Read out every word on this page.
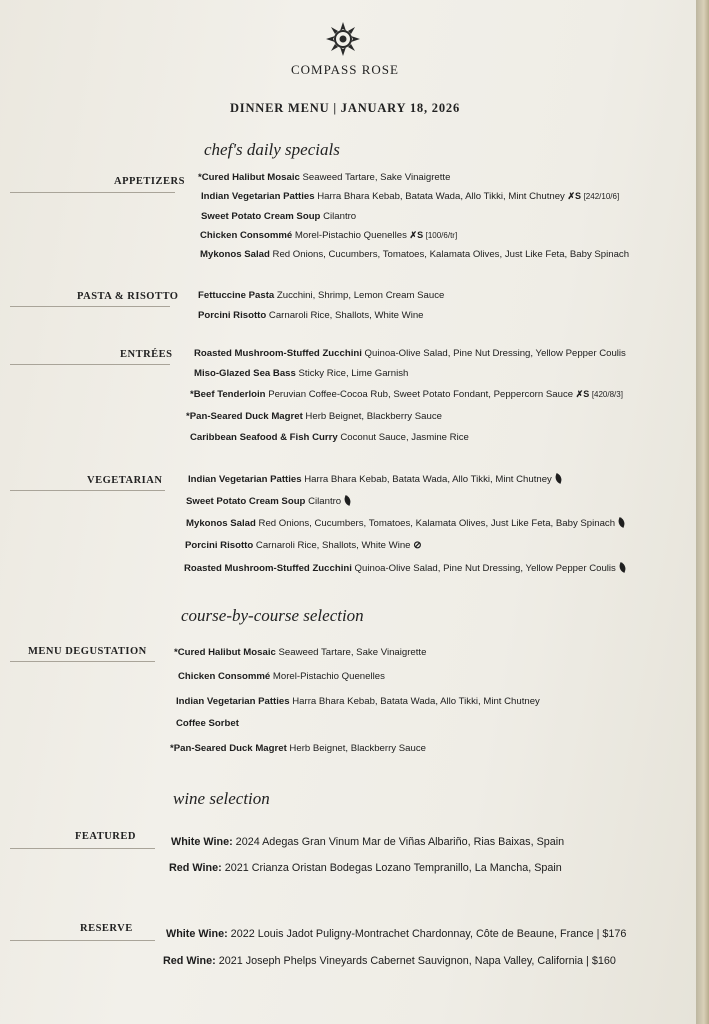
COMPASS ROSE
DINNER MENU | JANUARY 18, 2026
chef's daily specials
course-by-course selection
wine selection
APPETIZERS
PASTA & RISOTTO
ENTRÉES
VEGETARIAN
MENU DEGUSTATION
FEATURED
RESERVE
*Cured Halibut Mosaic Seaweed Tartare, Sake Vinaigrette
Indian Vegetarian Patties Harra Bhara Kebab, Batata Wada, Allo Tikki, Mint Chutney ✗S [242/10/6]
Sweet Potato Cream Soup Cilantro
Chicken Consommé Morel-Pistachio Quenelles ✗S [100/6/tr]
Mykonos Salad Red Onions, Cucumbers, Tomatoes, Kalamata Olives, Just Like Feta, Baby Spinach
Fettuccine Pasta Zucchini, Shrimp, Lemon Cream Sauce
Porcini Risotto Carnaroli Rice, Shallots, White Wine
Roasted Mushroom-Stuffed Zucchini Quinoa-Olive Salad, Pine Nut Dressing, Yellow Pepper Coulis
Miso-Glazed Sea Bass Sticky Rice, Lime Garnish
*Beef Tenderloin Peruvian Coffee-Cocoa Rub, Sweet Potato Fondant, Peppercorn Sauce ✗S [420/8/3]
*Pan-Seared Duck Magret Herb Beignet, Blackberry Sauce
Caribbean Seafood & Fish Curry Coconut Sauce, Jasmine Rice
Indian Vegetarian Patties Harra Bhara Kebab, Batata Wada, Allo Tikki, Mint Chutney
Sweet Potato Cream Soup Cilantro
Mykonos Salad Red Onions, Cucumbers, Tomatoes, Kalamata Olives, Just Like Feta, Baby Spinach
Porcini Risotto Carnaroli Rice, Shallots, White Wine ⊘
Roasted Mushroom-Stuffed Zucchini Quinoa-Olive Salad, Pine Nut Dressing, Yellow Pepper Coulis
*Cured Halibut Mosaic Seaweed Tartare, Sake Vinaigrette
Chicken Consommé Morel-Pistachio Quenelles
Indian Vegetarian Patties Harra Bhara Kebab, Batata Wada, Allo Tikki, Mint Chutney
Coffee Sorbet
*Pan-Seared Duck Magret Herb Beignet, Blackberry Sauce
White Wine: 2024 Adegas Gran Vinum Mar de Viñas Albariño, Rias Baixas, Spain
Red Wine: 2021 Crianza Oristan Bodegas Lozano Tempranillo, La Mancha, Spain
White Wine: 2022 Louis Jadot Puligny-Montrachet Chardonnay, Côte de Beaune, France | $176
Red Wine: 2021 Joseph Phelps Vineyards Cabernet Sauvignon, Napa Valley, California | $160
